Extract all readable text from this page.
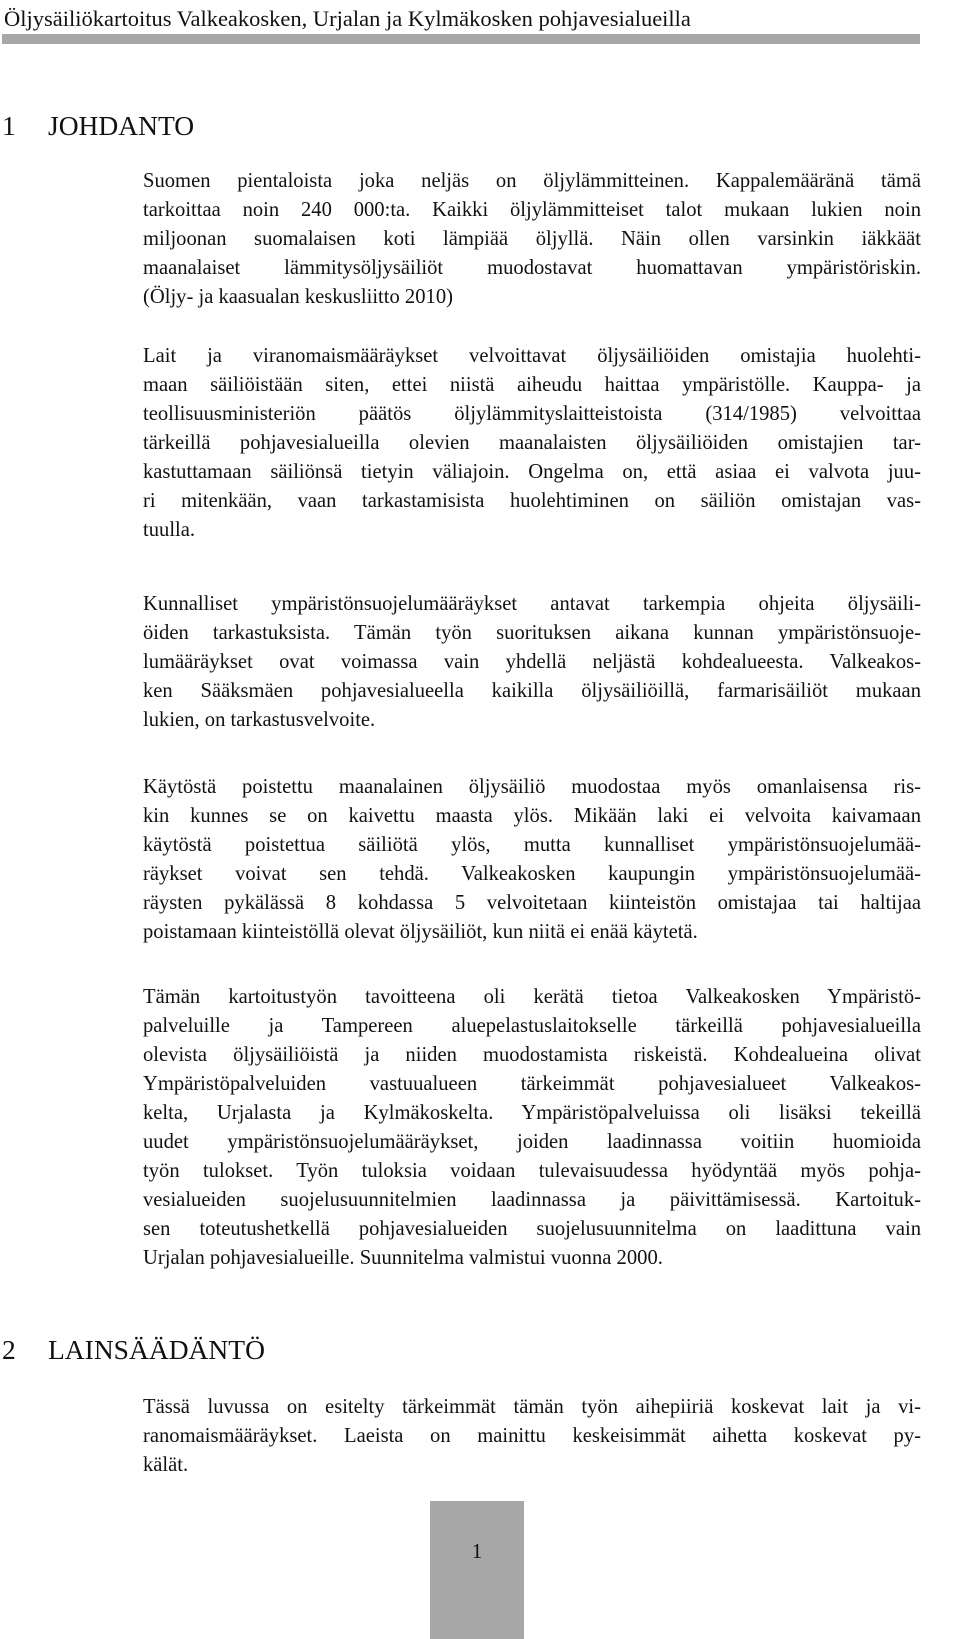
Öljysäiliökartoitus Valkeakosken, Urjalan ja Kylmäkosken pohjavesialueilla
1 JOHDANTO
Suomen pientaloista joka neljäs on öljylämmitteinen. Kappalemääränä tämä
tarkoittaa noin 240 000:ta. Kaikki öljylämmitteiset talot mukaan lukien noin
miljoonan suomalaisen koti lämpiää öljyllä. Näin ollen varsinkin iäkkäät
maanalaiset lämmitysöljysäiliöt muodostavat huomattavan ympäristöriskin.
(Öljy- ja kaasualan keskusliitto 2010)
Lait ja viranomaismääräykset velvoittavat öljysäiliöiden omistajia huolehti-
maan säiliöistään siten, ettei niistä aiheudu haittaa ympäristölle. Kauppa- ja
teollisuusministeriön päätös öljylämmityslaitteistoista (314/1985) velvoittaa
tärkeillä pohjavesialueilla olevien maanalaisten öljysäiliöiden omistajien tar-
kastuttamaan säiliönsä tietyin väliajoin. Ongelma on, että asiaa ei valvota juu-
ri mitenkään, vaan tarkastamisista huolehtiminen on säiliön omistajan vas-
tuulla.
Kunnalliset ympäristönsuojelumääräykset antavat tarkempia ohjeita öljysäili-
öiden tarkastuksista. Tämän työn suorituksen aikana kunnan ympäristönsuoje-
lumääräykset ovat voimassa vain yhdellä neljästä kohdealueesta. Valkeakos-
ken Sääksmäen pohjavesialueella kaikilla öljysäiliöillä, farmarisäiliöt mukaan
lukien, on tarkastusvelvoite.
Käytöstä poistettu maanalainen öljysäiliö muodostaa myös omanlaisensa ris-
kin kunnes se on kaivettu maasta ylös. Mikään laki ei velvoita kaivamaan
käytöstä poistettua säiliötä ylös, mutta kunnalliset ympäristönsuojelumää-
räykset voivat sen tehdä. Valkeakosken kaupungin ympäristönsuojelumää-
räysten pykälässä 8 kohdassa 5 velvoitetaan kiinteistön omistajaa tai haltijaa
poistamaan kiinteistöllä olevat öljysäiliöt, kun niitä ei enää käytetä.
Tämän kartoitustyön tavoitteena oli kerätä tietoa Valkeakosken Ympäristö-
palveluille ja Tampereen aluepelastuslaitokselle tärkeillä pohjavesialueilla
olevista öljysäiliöistä ja niiden muodostamista riskeistä. Kohdealueina olivat
Ympäristöpalveluiden vastuualueen tärkeimmät pohjavesialueet Valkeakos-
kelta, Urjalasta ja Kylmäkoskelta. Ympäristöpalveluissa oli lisäksi tekeillä
uudet ympäristönsuojelumääräykset, joiden laadinnassa voitiin huomioida
työn tulokset. Työn tuloksia voidaan tulevaisuudessa hyödyntää myös pohja-
vesialueiden suojelusuunnitelmien laadinnassa ja päivittämisessä. Kartoituk-
sen toteutushetkellä pohjavesialueiden suojelusuunnitelma on laadittuna vain
Urjalan pohjavesialueille. Suunnitelma valmistui vuonna 2000.
2 LAINSÄÄDÄNTÖ
Tässä luvussa on esitelty tärkeimmät tämän työn aihepiiriä koskevat lait ja vi-
ranomaismääräykset. Laeista on mainittu keskeisimmät aihetta koskevat py-
kälät.
1
